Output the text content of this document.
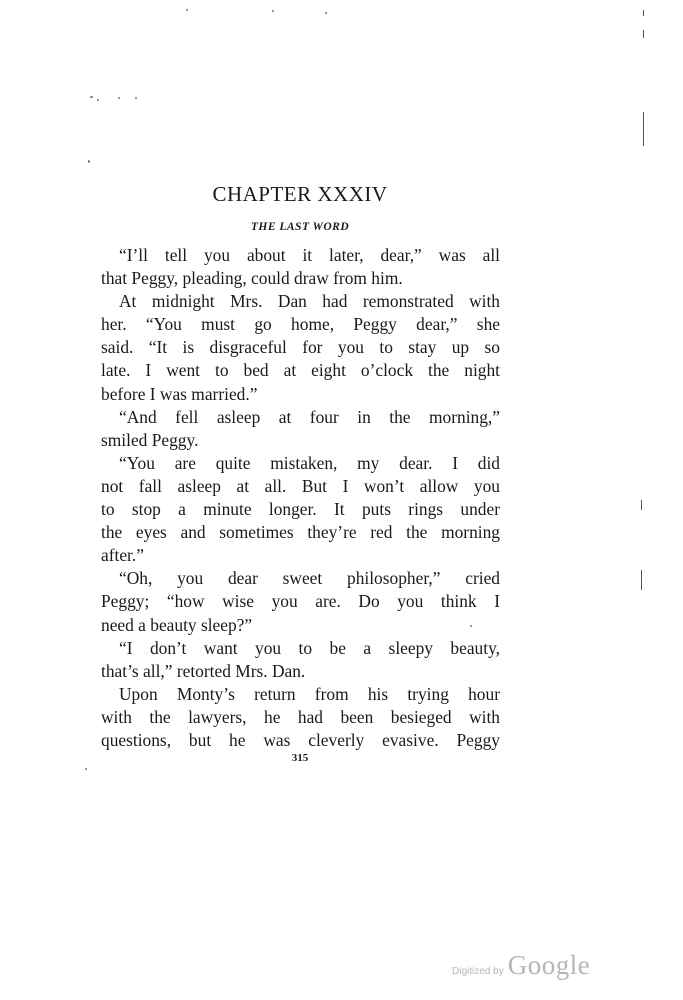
CHAPTER XXXIV
THE LAST WORD
“I’ll tell you about it later, dear,” was all
that Peggy, pleading, could draw from him.
At midnight Mrs. Dan had remonstrated with
her. “You must go home, Peggy dear,” she
said. “It is disgraceful for you to stay up so
late. I went to bed at eight o’clock the night
before I was married.”
“And fell asleep at four in the morning,”
smiled Peggy.
“You are quite mistaken, my dear. I did
not fall asleep at all. But I won’t allow you
to stop a minute longer. It puts rings under
the eyes and sometimes they’re red the morning
after.”
“Oh, you dear sweet philosopher,” cried
Peggy; “how wise you are. Do you think I
need a beauty sleep?”
“I don’t want you to be a sleepy beauty,
that’s all,” retorted Mrs. Dan.
Upon Monty’s return from his trying hour
with the lawyers, he had been besieged with
questions, but he was cleverly evasive. Peggy
315
Digitized by Google
